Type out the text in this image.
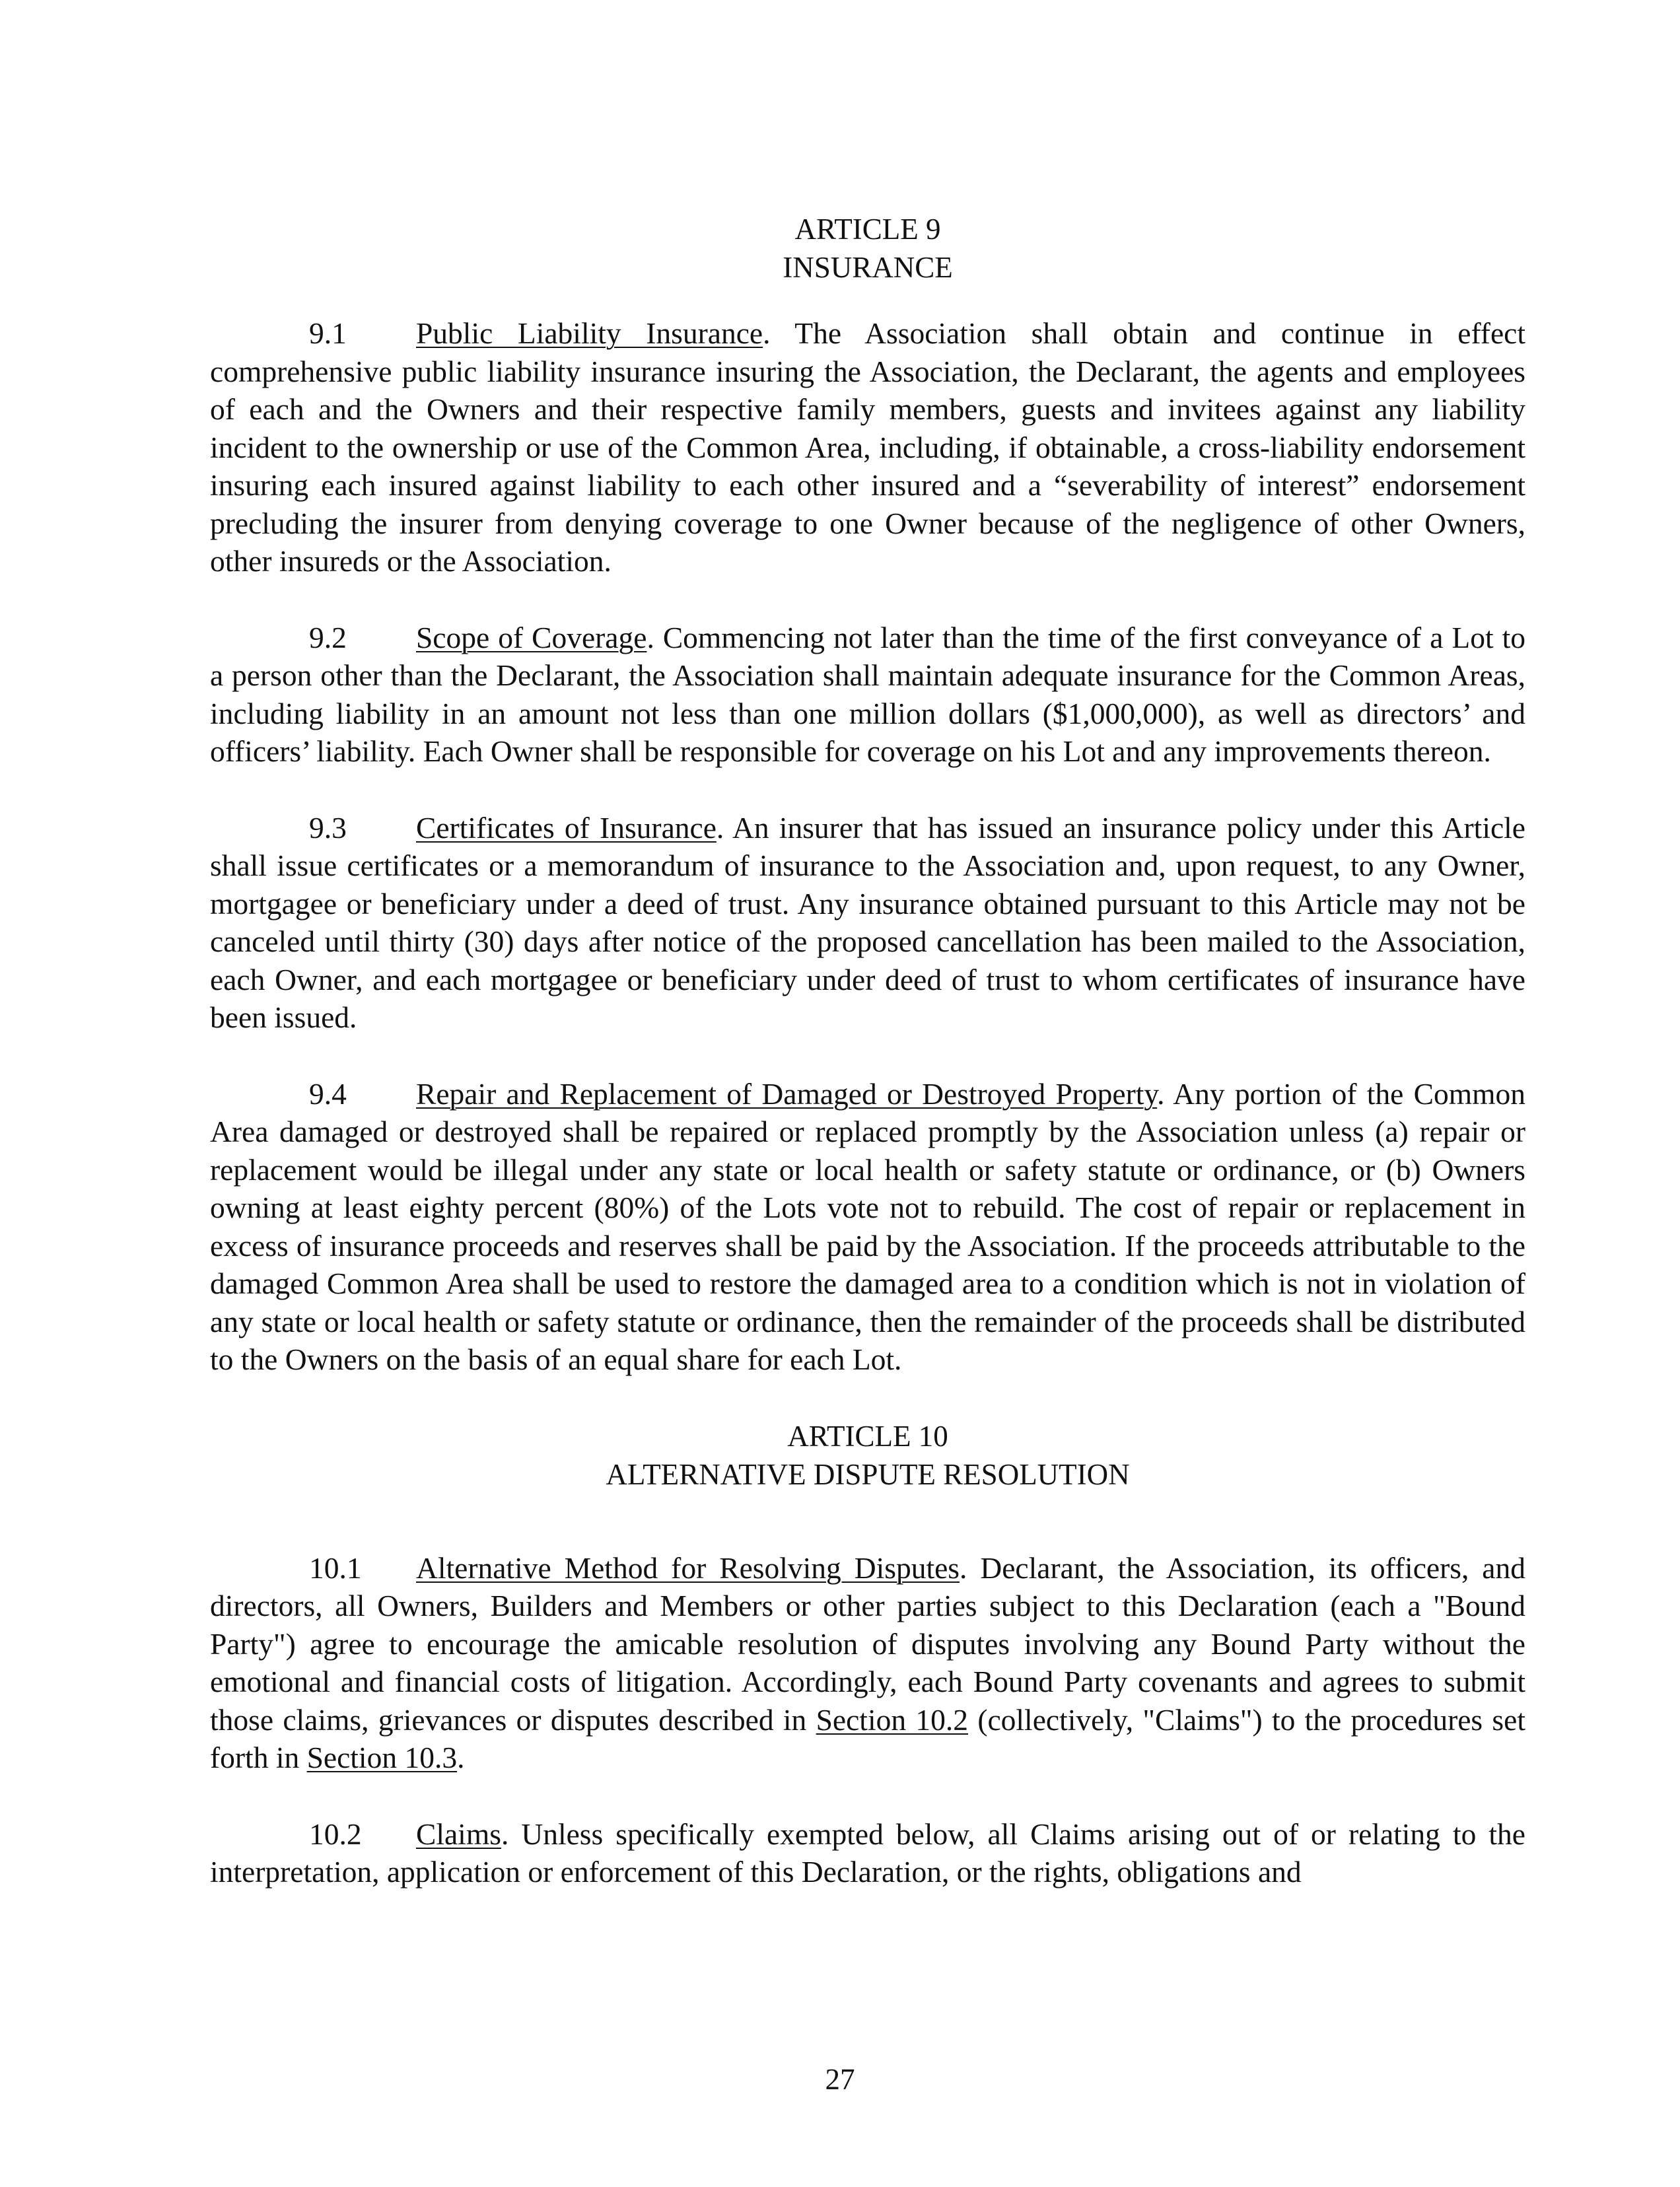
ARTICLE 9

INSURANCE

9.1 Public Liability Insurance. The Association shall obtain and continue in effect comprehensive public liability insurance insuring the Association, the Declarant, the agents and employees of each and the Owners and their respective family members, guests and invitees against any liability incident to the ownership or use of the Common Area, including, if obtainable, a cross-liability endorsement insuring each insured against liability to each other insured and a “severability of interest” endorsement precluding the insurer from denying coverage to one Owner because of the negligence of other Owners, other insureds or the Association.

9.2 Scope of Coverage. Commencing not later than the time of the first conveyance of a Lot to a person other than the Declarant, the Association shall maintain adequate insurance for the Common Areas, including liability in an amount not less than one million dollars ($1,000,000), as well as directors’ and officers’ liability. Each Owner shall be responsible for coverage on his Lot and any improvements thereon.

9.3 Certificates of Insurance. An insurer that has issued an insurance policy under this Article shall issue certificates or a memorandum of insurance to the Association and, upon request, to any Owner, mortgagee or beneficiary under a deed of trust. Any insurance obtained pursuant to this Article may not be canceled until thirty (30) days after notice of the proposed cancellation has been mailed to the Association, each Owner, and each mortgagee or beneficiary under deed of trust to whom certificates of insurance have been issued.

9.4 Repair and Replacement of Damaged or Destroyed Property. Any portion of the Common Area damaged or destroyed shall be repaired or replaced promptly by the Association unless (a) repair or replacement would be illegal under any state or local health or safety statute or ordinance, or (b) Owners owning at least eighty percent (80%) of the Lots vote not to rebuild. The cost of repair or replacement in excess of insurance proceeds and reserves shall be paid by the Association. If the proceeds attributable to the damaged Common Area shall be used to restore the damaged area to a condition which is not in violation of any state or local health or safety statute or ordinance, then the remainder of the proceeds shall be distributed to the Owners on the basis of an equal share for each Lot.

ARTICLE 10

ALTERNATIVE DISPUTE RESOLUTION

10.1 Alternative Method for Resolving Disputes. Declarant, the Association, its officers, and directors, all Owners, Builders and Members or other parties subject to this Declaration (each a "Bound Party") agree to encourage the amicable resolution of disputes involving any Bound Party without the emotional and financial costs of litigation. Accordingly, each Bound Party covenants and agrees to submit those claims, grievances or disputes described in Section 10.2 (collectively, "Claims") to the procedures set forth in Section 10.3.

10.2 Claims. Unless specifically exempted below, all Claims arising out of or relating to the interpretation, application or enforcement of this Declaration, or the rights, obligations and

27
